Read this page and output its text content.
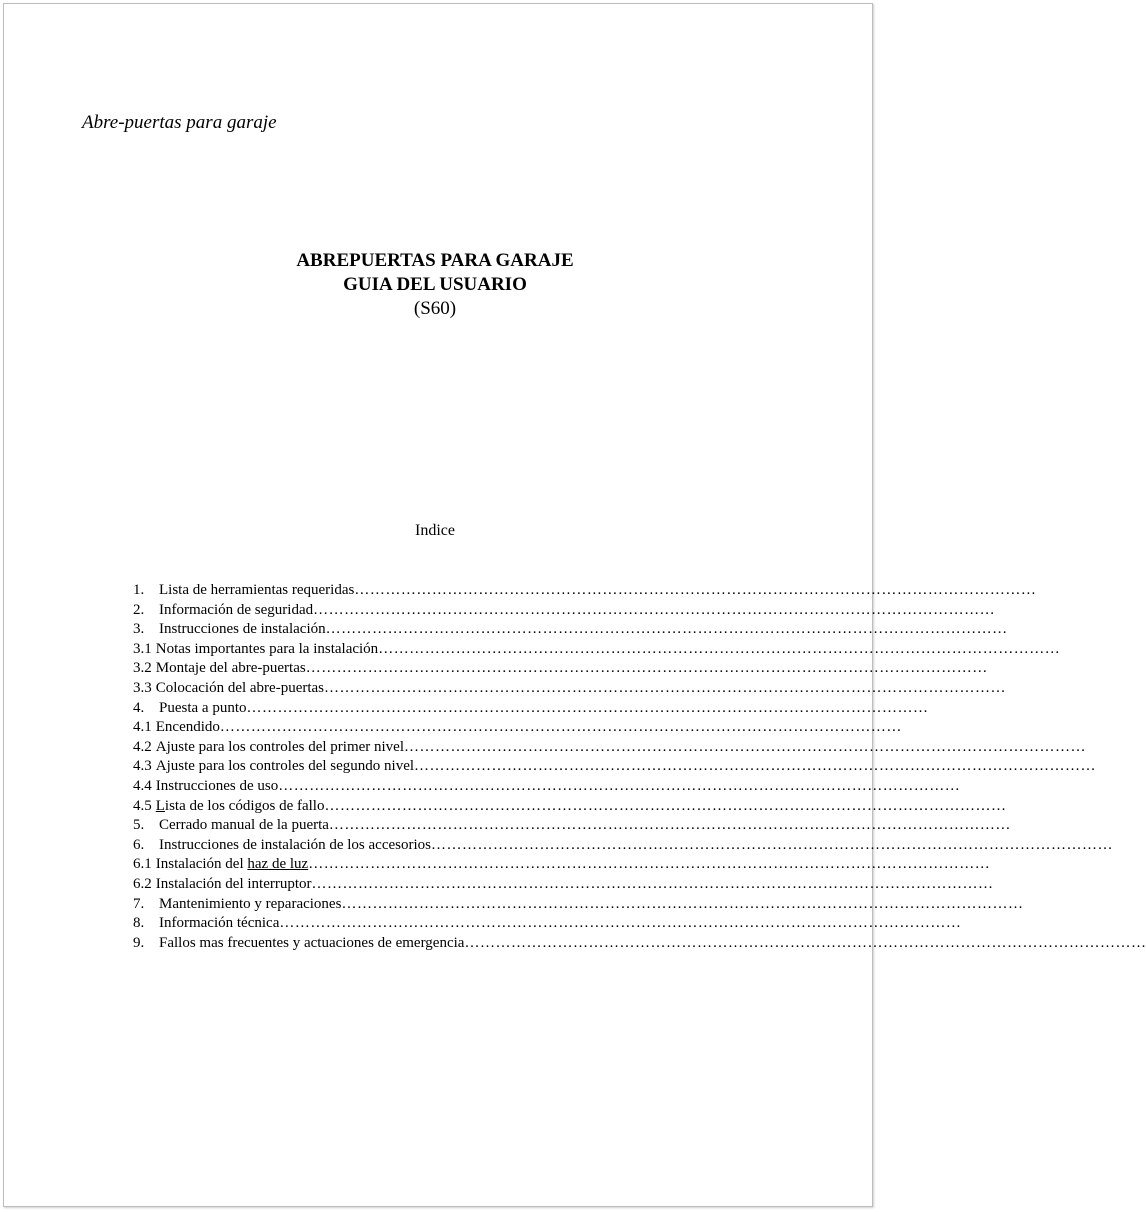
Abre-puertas para garaje
ABREPUERTAS PARA GARAJE
GUIA DEL USUARIO
(S60)
Indice
1. Lista de herramientas requeridas ……………………………………………………………………………………………………………………
2. Información de seguridad ……………………………………………………………………………………………………………………
3. Instrucciones de instalación ……………………………………………………………………………………………………………………
3.1 Notas importantes para la instalación ……………………………………………………………………………………………………………………
3.2 Montaje del abre-puertas ……………………………………………………………………………………………………………………
3.3 Colocación del abre-puertas ……………………………………………………………………………………………………………………
4. Puesta a punto ……………………………………………………………………………………………………………………
4.1 Encendido ……………………………………………………………………………………………………………………
4.2 Ajuste para los controles del primer nivel ……………………………………………………………………………………………………………………
4.3 Ajuste para los controles del segundo nivel ……………………………………………………………………………………………………………………
4.4 Instrucciones de uso ……………………………………………………………………………………………………………………
4.5 Lista de los códigos de fallo ……………………………………………………………………………………………………………………
5. Cerrado manual de la puerta ……………………………………………………………………………………………………………………
6. Instrucciones de instalación de los accesorios ……………………………………………………………………………………………………………………
6.1 Instalación del haz de luz ……………………………………………………………………………………………………………………
6.2 Instalación del interruptor ……………………………………………………………………………………………………………………
7. Mantenimiento y reparaciones ……………………………………………………………………………………………………………………
8. Información técnica ……………………………………………………………………………………………………………………
9. Fallos mas frecuentes y actuaciones de emergencia ……………………………………………………………………………………………………………………
